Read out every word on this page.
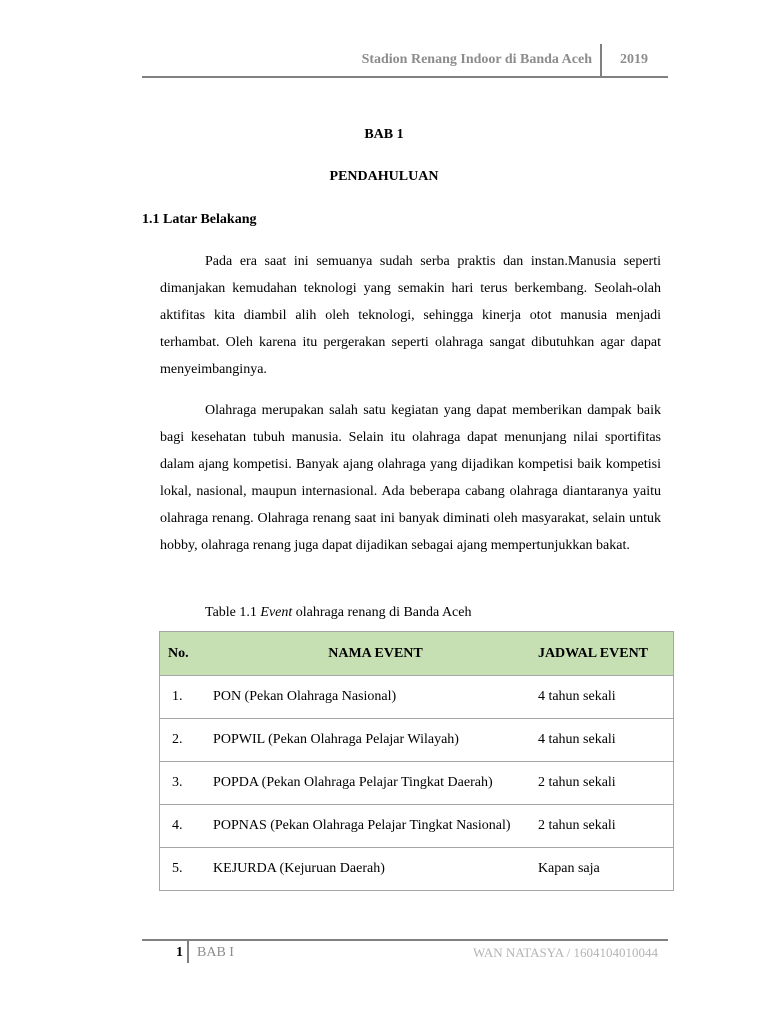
Stadion Renang Indoor di Banda Aceh 2019
BAB 1
PENDAHULUAN
1.1 Latar Belakang

Pada era saat ini semuanya sudah serba praktis dan instan.Manusia seperti dimanjakan kemudahan teknologi yang semakin hari terus berkembang. Seolah-olah aktifitas kita diambil alih oleh teknologi, sehingga kinerja otot manusia menjadi terhambat. Oleh karena itu pergerakan seperti olahraga sangat dibutuhkan agar dapat menyeimbanginya.

Olahraga merupakan salah satu kegiatan yang dapat memberikan dampak baik bagi kesehatan tubuh manusia. Selain itu olahraga dapat menunjang nilai sportifitas dalam ajang kompetisi. Banyak ajang olahraga yang dijadikan kompetisi baik kompetisi lokal, nasional, maupun internasional. Ada beberapa cabang olahraga diantaranya yaitu olahraga renang. Olahraga renang saat ini banyak diminati oleh masyarakat, selain untuk hobby, olahraga renang juga dapat dijadikan sebagai ajang mempertunjukkan bakat.

Table 1.1 Event olahraga renang di Banda Aceh
No.	NAMA EVENT	JADWAL EVENT
1.	PON (Pekan Olahraga Nasional)	4 tahun sekali
2.	POPWIL (Pekan Olahraga Pelajar Wilayah)	4 tahun sekali
3.	POPDA (Pekan Olahraga Pelajar Tingkat Daerah)	2 tahun sekali
4.	POPNAS (Pekan Olahraga Pelajar Tingkat Nasional)	2 tahun sekali
5.	KEJURDA (Kejuruan Daerah)	Kapan saja
1 BAB I	WAN NATASYA / 1604104010044
